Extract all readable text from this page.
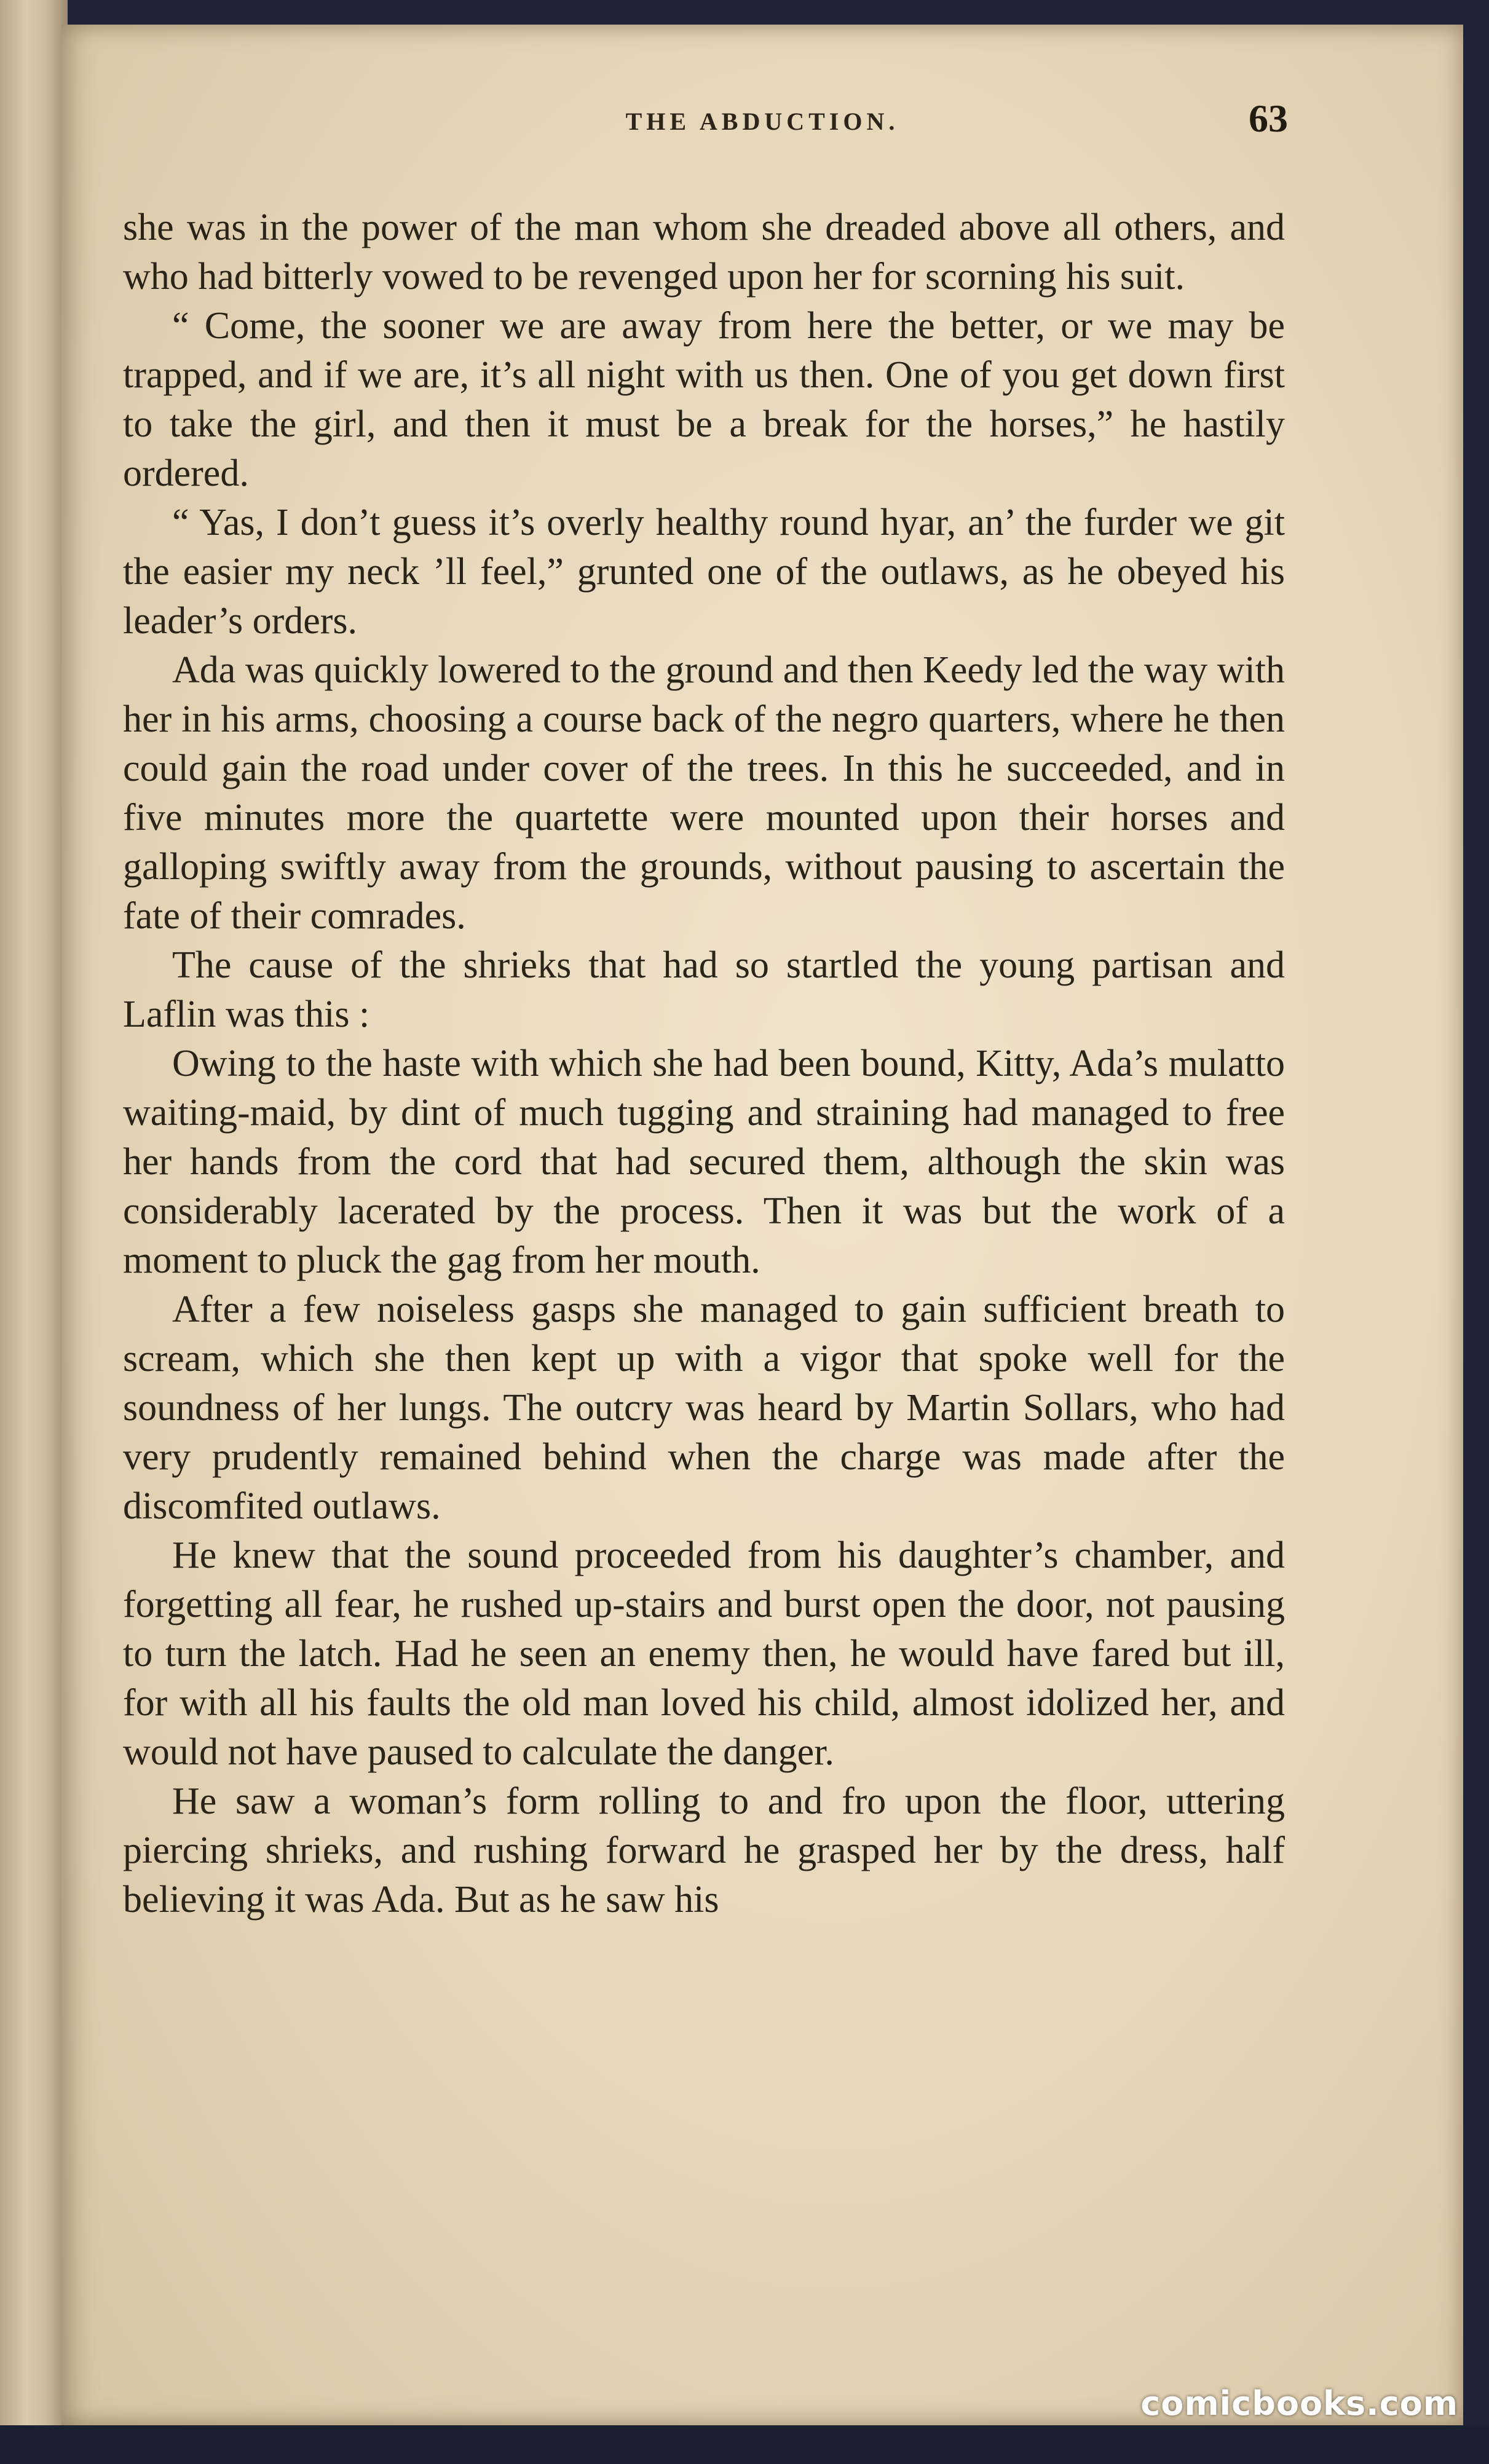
THE ABDUCTION.	63

she was in the power of the man whom she dreaded above all others, and who had bitterly vowed to be revenged upon her for scorning his suit.

“ Come, the sooner we are away from here the better, or we may be trapped, and if we are, it’s all night with us then. One of you get down first to take the girl, and then it must be a break for the horses,” he hastily ordered.

“ Yas, I don’t guess it’s overly healthy round hyar, an’ the furder we git the easier my neck ’ll feel,” grunted one of the outlaws, as he obeyed his leader’s orders.

Ada was quickly lowered to the ground and then Keedy led the way with her in his arms, choosing a course back of the negro quarters, where he then could gain the road under cover of the trees. In this he succeeded, and in five minutes more the quartette were mounted upon their horses and galloping swiftly away from the grounds, without pausing to ascertain the fate of their comrades.

The cause of the shrieks that had so startled the young partisan and Laflin was this :

Owing to the haste with which she had been bound, Kitty, Ada’s mulatto waiting-maid, by dint of much tugging and straining had managed to free her hands from the cord that had secured them, although the skin was considerably lacerated by the process. Then it was but the work of a moment to pluck the gag from her mouth.

After a few noiseless gasps she managed to gain sufficient breath to scream, which she then kept up with a vigor that spoke well for the soundness of her lungs. The outcry was heard by Martin Sollars, who had very prudently remained behind when the charge was made after the discomfited outlaws.

He knew that the sound proceeded from his daughter’s chamber, and forgetting all fear, he rushed up-stairs and burst open the door, not pausing to turn the latch. Had he seen an enemy then, he would have fared but ill, for with all his faults the old man loved his child, almost idolized her, and would not have paused to calculate the danger.

He saw a woman’s form rolling to and fro upon the floor, uttering piercing shrieks, and rushing forward he grasped her by the dress, half believing it was Ada. But as he saw his

comicbooks.com
